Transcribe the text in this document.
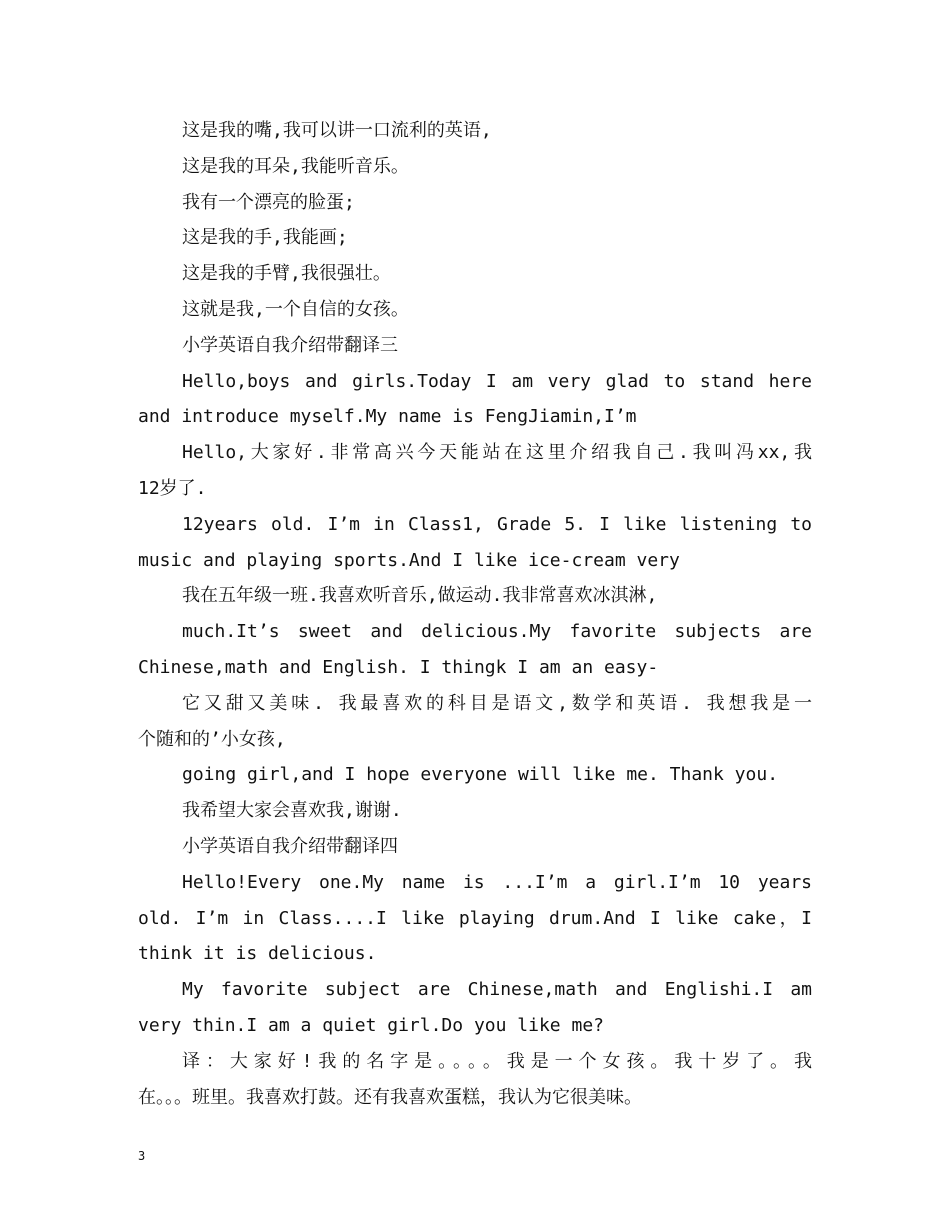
这是我的嘴,我可以讲一口流利的英语,
这是我的耳朵,我能听音乐。
我有一个漂亮的脸蛋;
这是我的手,我能画;
这是我的手臂,我很强壮。
这就是我,一个自信的女孩。
小学英语自我介绍带翻译三
Hello,boys and girls.Today I am very glad to stand here
and introduce myself.My name is FengJiamin,I’m
Hello,大家好.非常高兴今天能站在这里介绍我自己.我叫冯xx,我
12岁了.
12years old. I’m in Class1, Grade 5. I like listening to
music and playing sports.And I like ice-cream very
我在五年级一班.我喜欢听音乐,做运动.我非常喜欢冰淇淋,
much.It’s sweet and delicious.My favorite subjects are
Chinese,math and English. I thingk I am an easy-
它又甜又美味. 我最喜欢的科目是语文,数学和英语. 我想我是一
个随和的’小女孩,
going girl,and I hope everyone will like me. Thank you.
我希望大家会喜欢我,谢谢.
小学英语自我介绍带翻译四
Hello!Every one.My name is ...I’m a girl.I’m 10 years
old. I’m in Class....I like playing drum.And I like cake，I
think it is delicious.
My favorite subject are Chinese,math and Englishi.I am
very thin.I am a quiet girl.Do you like me?
译：大家好!我的名字是。。。。我是一个女孩。我十岁了。我
在。。。班里。我喜欢打鼓。还有我喜欢蛋糕，我认为它很美味。
3
